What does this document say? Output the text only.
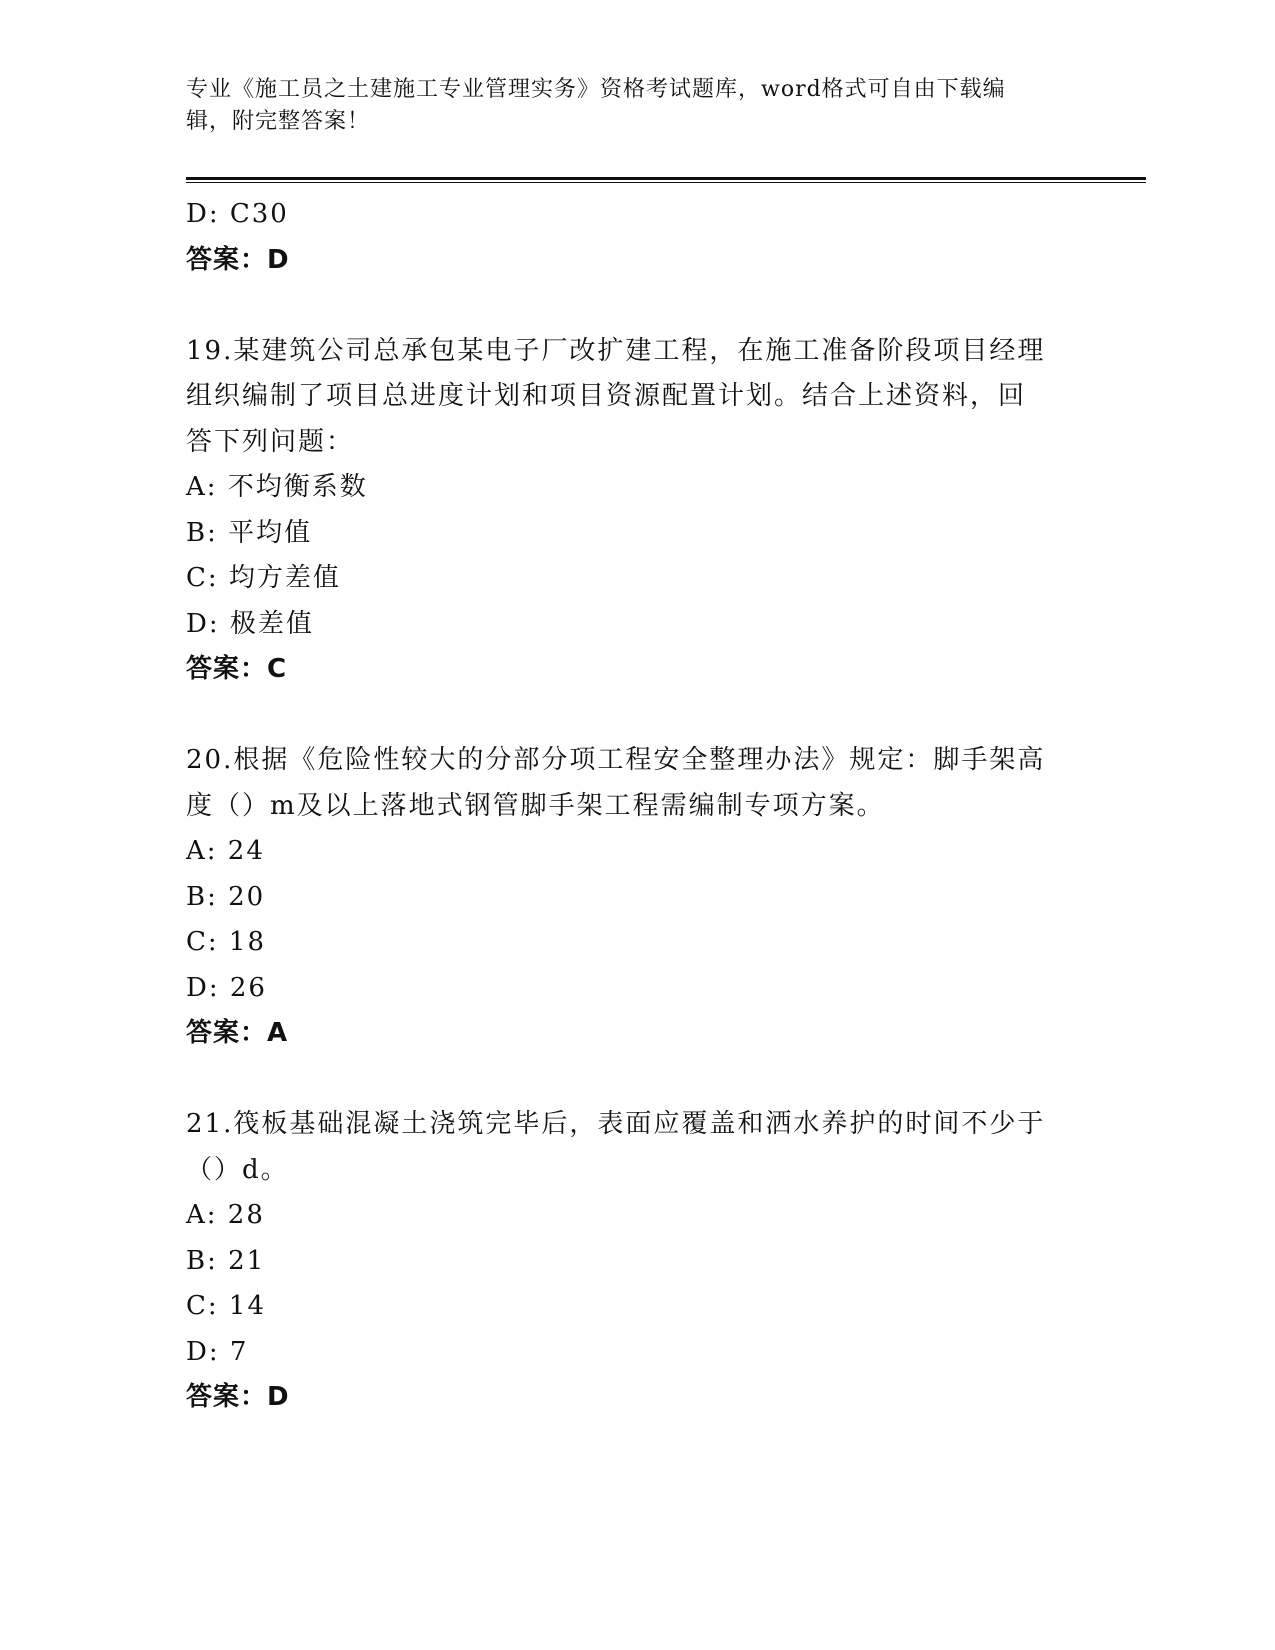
专业《施工员之土建施工专业管理实务》资格考试题库，word格式可自由下载编
辑，附完整答案！
D: C30
答案：D
19.某建筑公司总承包某电子厂改扩建工程，在施工准备阶段项目经理
组织编制了项目总进度计划和项目资源配置计划。结合上述资料，回
答下列问题：
A: 不均衡系数
B: 平均值
C: 均方差值
D: 极差值
答案：C
20.根据《危险性较大的分部分项工程安全整理办法》规定：脚手架高
度（）m及以上落地式钢管脚手架工程需编制专项方案。
A: 24
B: 20
C: 18
D: 26
答案：A
21.筏板基础混凝土浇筑完毕后，表面应覆盖和洒水养护的时间不少于
（）d。
A: 28
B: 21
C: 14
D: 7
答案：D
